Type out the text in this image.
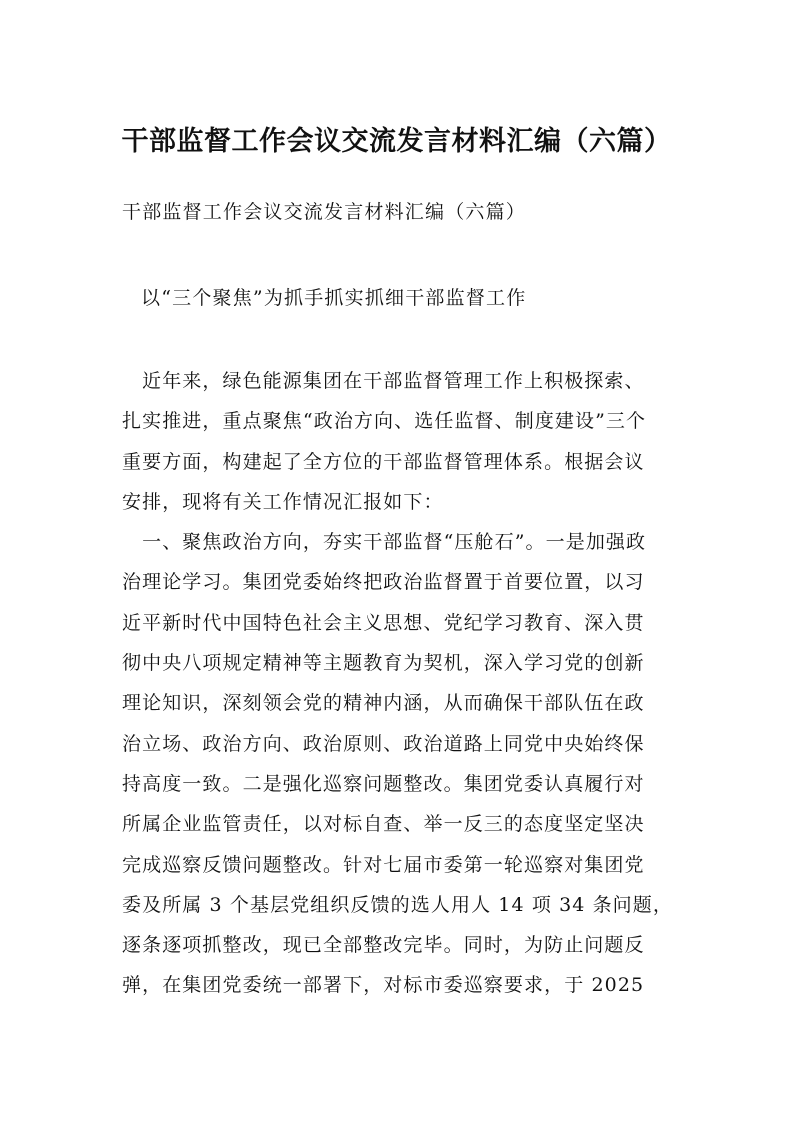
干部监督工作会议交流发言材料汇编（六篇）

干部监督工作会议交流发言材料汇编（六篇）

以“三个聚焦”为抓手抓实抓细干部监督工作

　近年来，绿色能源集团在干部监督管理工作上积极探索、
扎实推进，重点聚焦“政治方向、选任监督、制度建设”三个
重要方面，构建起了全方位的干部监督管理体系。根据会议
安排，现将有关工作情况汇报如下：
　一、聚焦政治方向，夯实干部监督“压舱石”。一是加强政
治理论学习。集团党委始终把政治监督置于首要位置，以习
近平新时代中国特色社会主义思想、党纪学习教育、深入贯
彻中央八项规定精神等主题教育为契机，深入学习党的创新
理论知识，深刻领会党的精神内涵，从而确保干部队伍在政
治立场、政治方向、政治原则、政治道路上同党中央始终保
持高度一致。二是强化巡察问题整改。集团党委认真履行对
所属企业监管责任，以对标自查、举一反三的态度坚定坚决
完成巡察反馈问题整改。针对七届市委第一轮巡察对集团党
委及所属 3 个基层党组织反馈的选人用人 14 项 34 条问题，
逐条逐项抓整改，现已全部整改完毕。同时，为防止问题反
弹，在集团党委统一部署下，对标市委巡察要求，于 2025
